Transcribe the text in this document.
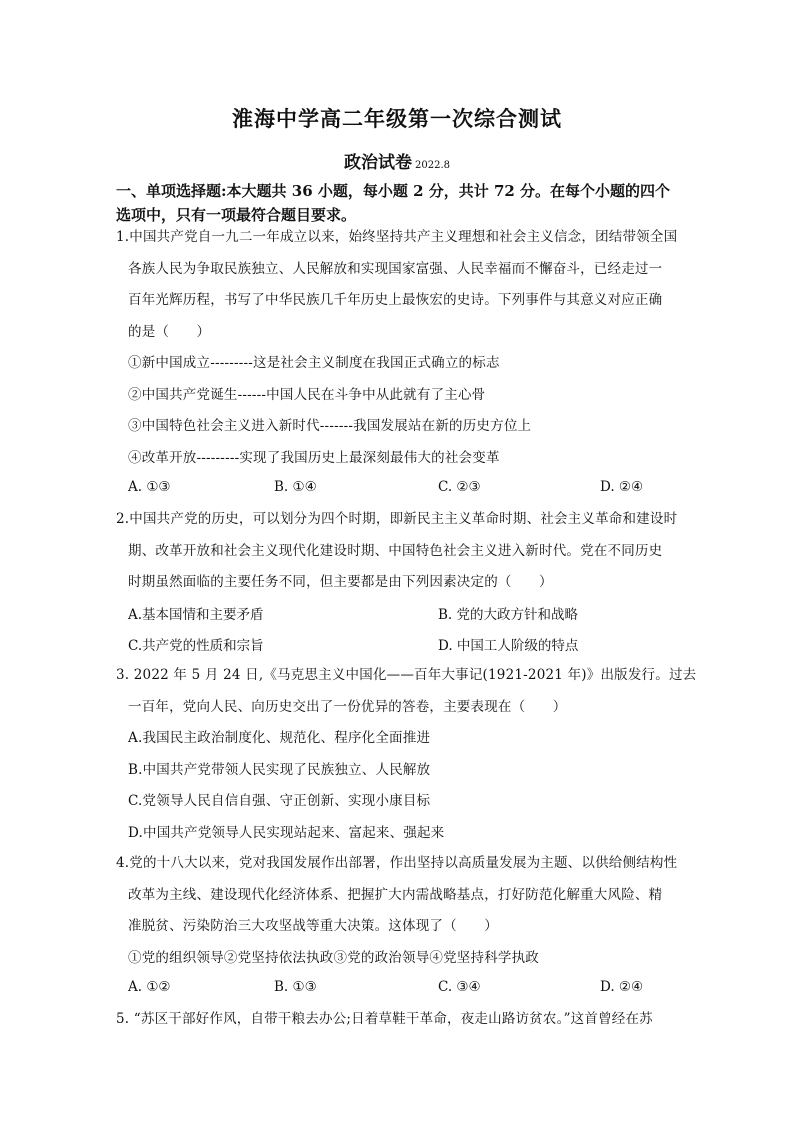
淮海中学高二年级第一次综合测试
政治试卷 2022.8
一、单项选择题:本大题共 36 小题，每小题 2 分，共计 72 分。在每个小题的四个
选项中，只有一项最符合题目要求。
1.中国共产党自一九二一年成立以来，始终坚持共产主义理想和社会主义信念，团结带领全国
各族人民为争取民族独立、人民解放和实现国家富强、人民幸福而不懈奋斗，已经走过一
百年光辉历程，书写了中华民族几千年历史上最恢宏的史诗。下列事件与其意义对应正确
的是（　　）
①新中国成立---------这是社会主义制度在我国正式确立的标志
②中国共产党诞生------中国人民在斗争中从此就有了主心骨
③中国特色社会主义进入新时代-------我国发展站在新的历史方位上
④改革开放---------实现了我国历史上最深刻最伟大的社会变革
A. ①③	B. ①④	C. ②③	D. ②④
2.中国共产党的历史，可以划分为四个时期，即新民主主义革命时期、社会主义革命和建设时
期、改革开放和社会主义现代化建设时期、中国特色社会主义进入新时代。党在不同历史
时期虽然面临的主要任务不同，但主要都是由下列因素决定的（　　）
A.基本国情和主要矛盾	B. 党的大政方针和战略
C.共产党的性质和宗旨	D. 中国工人阶级的特点
3. 2022 年 5 月 24 日,《马克思主义中国化——百年大事记(1921-2021 年)》出版发行。过去
一百年，党向人民、向历史交出了一份优异的答卷，主要表现在（　　）
A.我国民主政治制度化、规范化、程序化全面推进
B.中国共产党带领人民实现了民族独立、人民解放
C.党领导人民自信自强、守正创新、实现小康目标
D.中国共产党领导人民实现站起来、富起来、强起来
4.党的十八大以来，党对我国发展作出部署，作出坚持以高质量发展为主题、以供给侧结构性
改革为主线、建设现代化经济体系、把握扩大内需战略基点，打好防范化解重大风险、精
准脱贫、污染防治三大攻坚战等重大决策。这体现了（　　）
①党的组织领导②党坚持依法执政③党的政治领导④党坚持科学执政
A. ①②	B. ①③	C. ③④	D. ②④
5. “苏区干部好作风，自带干粮去办公;日着草鞋干革命，夜走山路访贫农。”这首曾经在苏
